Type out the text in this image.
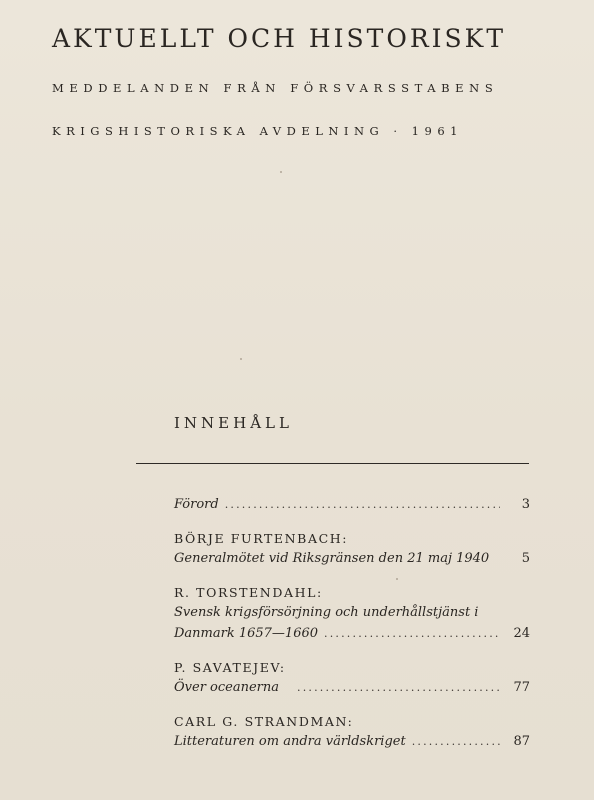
AKTUELLT OCH HISTORISKT

MEDDELANDEN FRÅN FÖRSVARSSTABENS

KRIGSHISTORISKA AVDELNING · 1961

INNEHÅLL
Förord .....	3

BÖRJE FURTENBACH:

Generalmötet vid Riksgränsen den 21 maj 1940	5

R. TORSTENDAHL:

Svensk krigsförsörjning och underhållstjänst i
Danmark 1657—1660 .....	24

P. SAVATEJEV:

Över oceanerna .....	77

CARL G. STRANDMAN:

Litteraturen om andra världskriget .....	87
